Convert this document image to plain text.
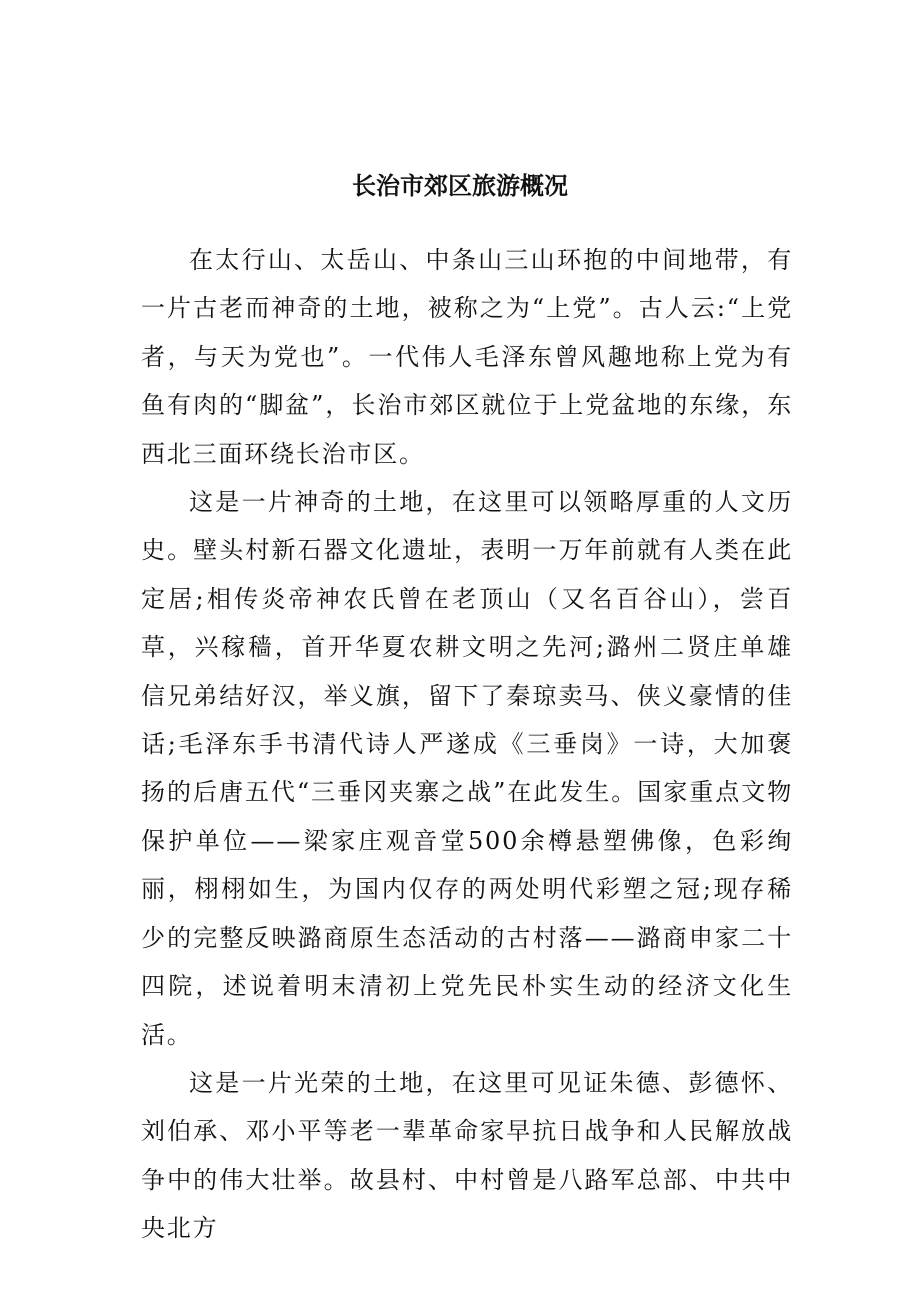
长治市郊区旅游概况

在太行山、太岳山、中条山三山环抱的中间地带，有一片古老而神奇的土地，被称之为“上党”。古人云:“上党者，与天为党也”。一代伟人毛泽东曾风趣地称上党为有鱼有肉的“脚盆”，长治市郊区就位于上党盆地的东缘，东西北三面环绕长治市区。

这是一片神奇的土地，在这里可以领略厚重的人文历史。壁头村新石器文化遗址，表明一万年前就有人类在此定居;相传炎帝神农氏曾在老顶山（又名百谷山），尝百草，兴稼穑，首开华夏农耕文明之先河;潞州二贤庄单雄信兄弟结好汉，举义旗，留下了秦琼卖马、侠义豪情的佳话;毛泽东手书清代诗人严遂成《三垂岗》一诗，大加褒扬的后唐五代“三垂冈夹寨之战”在此发生。国家重点文物保护单位——梁家庄观音堂500余樽悬塑佛像，色彩绚丽，栩栩如生，为国内仅存的两处明代彩塑之冠;现存稀少的完整反映潞商原生态活动的古村落——潞商申家二十四院，述说着明末清初上党先民朴实生动的经济文化生活。

这是一片光荣的土地，在这里可见证朱德、彭德怀、刘伯承、邓小平等老一辈革命家早抗日战争和人民解放战争中的伟大壮举。故县村、中村曾是八路军总部、中共中央北方
